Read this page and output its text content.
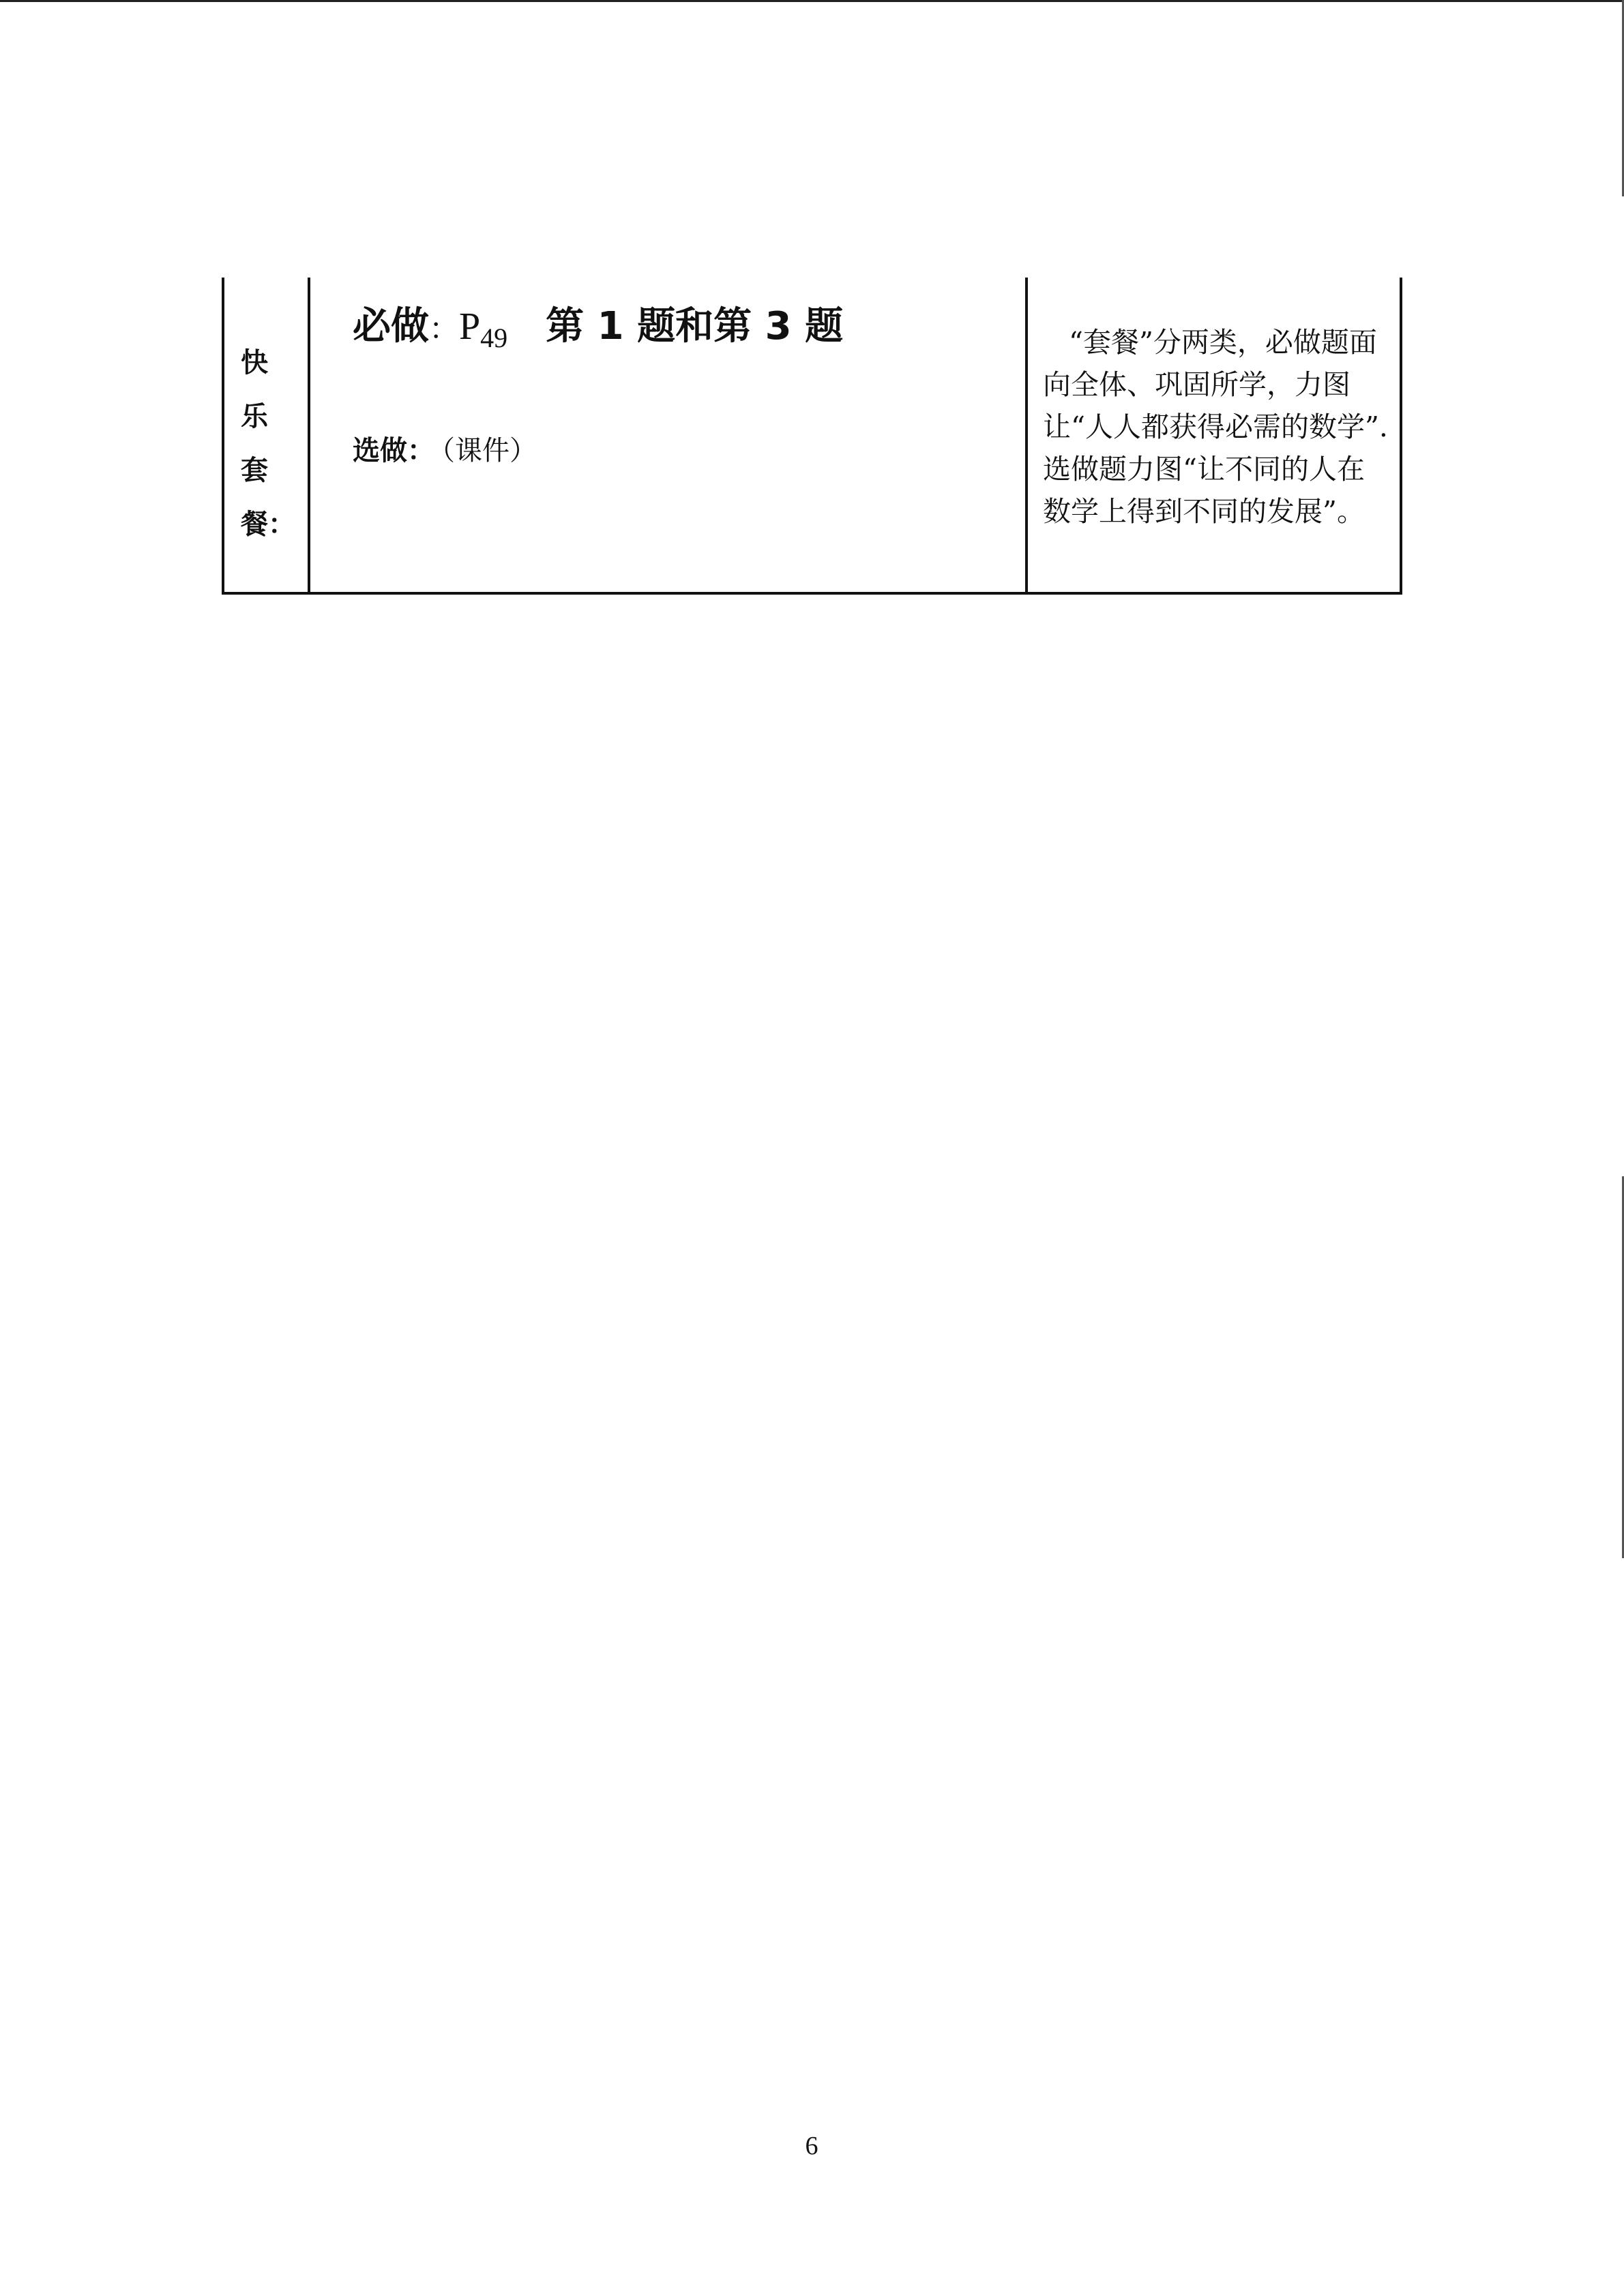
快
乐
套
餐：
必做：$P_{49}$ 第 1 题和第 3 题
选做： （课件）

“套餐”分两类，必做题面向全体、巩固所学，力图让“人人都获得必需的数学”.选做题力图“让不同的人在数学上得到不同的发展”。

6
